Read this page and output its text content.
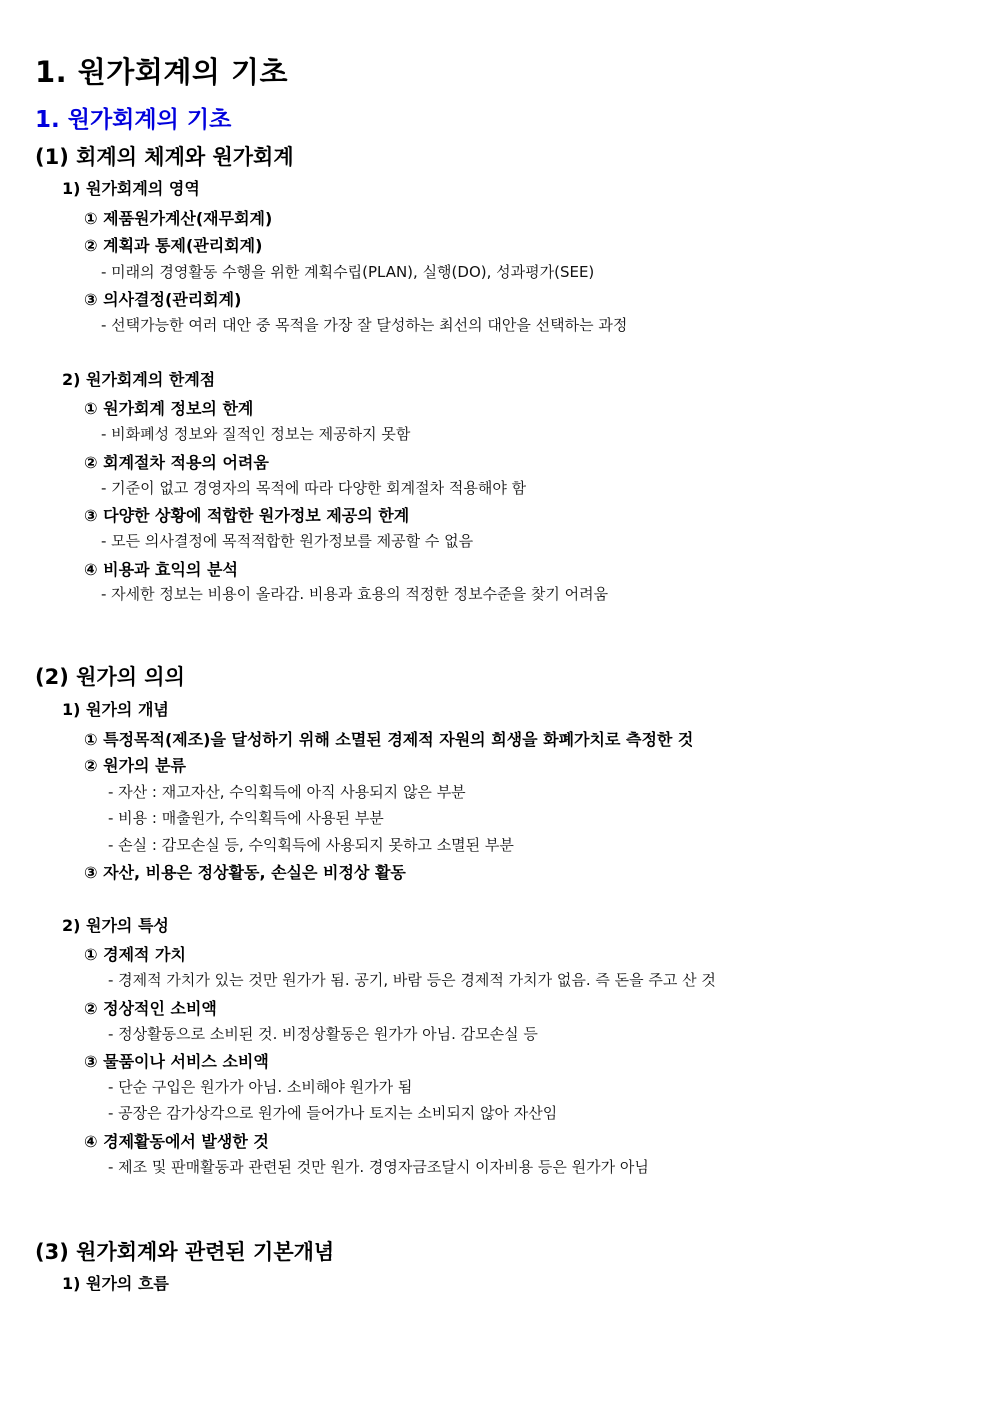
1. 원가회계의 기초
1. 원가회계의 기초
(1) 회계의 체계와 원가회계
1) 원가회계의 영역
① 제품원가계산(재무회계)
② 계획과 통제(관리회계)
- 미래의 경영활동 수행을 위한 계획수립(PLAN), 실행(DO), 성과평가(SEE)
③ 의사결정(관리회계)
- 선택가능한 여러 대안 중 목적을 가장 잘 달성하는 최선의 대안을 선택하는 과정
2) 원가회계의 한계점
① 원가회계 정보의 한계
- 비화폐성 정보와 질적인 정보는 제공하지 못함
② 회계절차 적용의 어려움
- 기준이 없고 경영자의 목적에 따라 다양한 회계절차 적용해야 함
③ 다양한 상황에 적합한 원가정보 제공의 한계
- 모든 의사결정에 목적적합한 원가정보를 제공할 수 없음
④ 비용과 효익의 분석
- 자세한 정보는 비용이 올라감. 비용과 효용의 적정한 정보수준을 찾기 어려움
(2) 원가의 의의
1) 원가의 개념
① 특정목적(제조)을 달성하기 위해 소멸된 경제적 자원의 희생을 화폐가치로 측정한 것
② 원가의 분류
- 자산 : 재고자산, 수익획득에 아직 사용되지 않은 부분
- 비용 : 매출원가, 수익획득에 사용된 부분
- 손실 : 감모손실 등, 수익획득에 사용되지 못하고 소멸된 부분
③ 자산, 비용은 정상활동, 손실은 비정상 활동
2) 원가의 특성
① 경제적 가치
- 경제적 가치가 있는 것만 원가가 됨. 공기, 바람 등은 경제적 가치가 없음. 즉 돈을 주고 산 것
② 정상적인 소비액
- 정상활동으로 소비된 것. 비정상활동은 원가가 아님. 감모손실 등
③ 물품이나 서비스 소비액
- 단순 구입은 원가가 아님. 소비해야 원가가 됨
- 공장은 감가상각으로 원가에 들어가나 토지는 소비되지 않아 자산임
④ 경제활동에서 발생한 것
- 제조 및 판매활동과 관련된 것만 원가. 경영자금조달시 이자비용 등은 원가가 아님
(3) 원가회계와 관련된 기본개념
1) 원가의 흐름
